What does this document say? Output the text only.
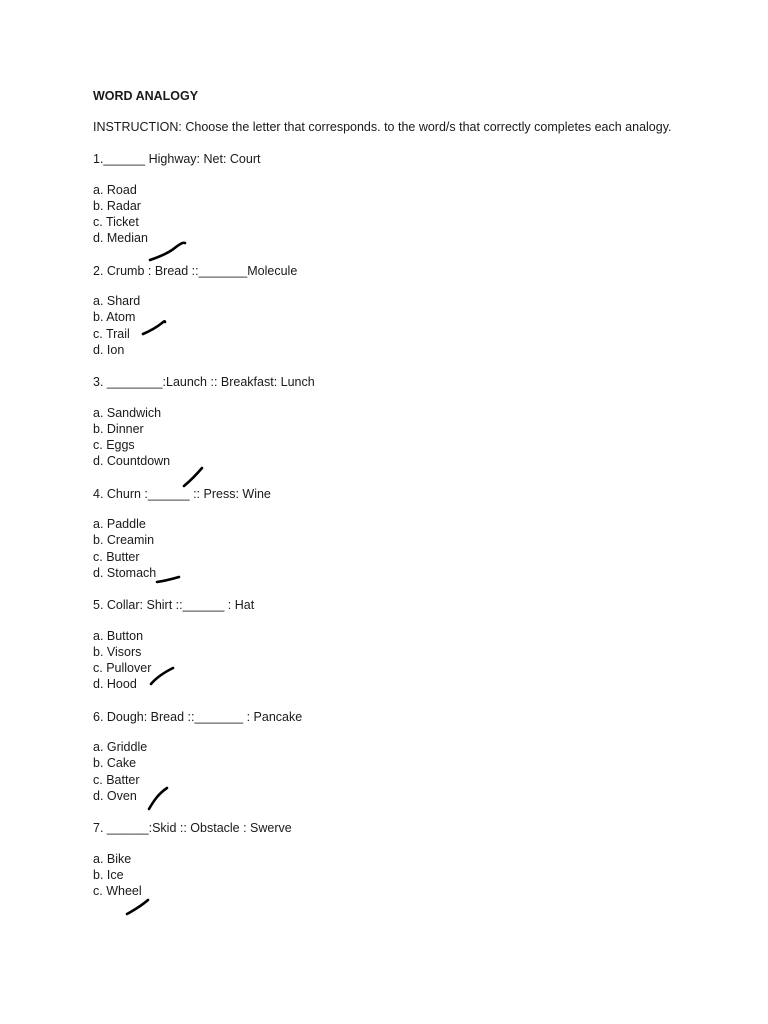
WORD ANALOGY
INSTRUCTION: Choose the letter that corresponds. to the word/s that correctly completes each analogy.
1.______ Highway: Net: Court
a. Road
b. Radar
c. Ticket
d. Median
2. Crumb : Bread ::_______Molecule
a. Shard
b. Atom
c. Trail
d. Ion
3. ________:Launch :: Breakfast: Lunch
a. Sandwich
b. Dinner
c. Eggs
d. Countdown
4. Churn :______ :: Press: Wine
a. Paddle
b. Creamin
c. Butter
d. Stomach
5. Collar: Shirt ::______ : Hat
a. Button
b. Visors
c. Pullover
d. Hood
6. Dough: Bread ::_______ : Pancake
a. Griddle
b. Cake
c. Batter
d. Oven
7. ______:Skid :: Obstacle : Swerve
a. Bike
b. Ice
c. Wheel
